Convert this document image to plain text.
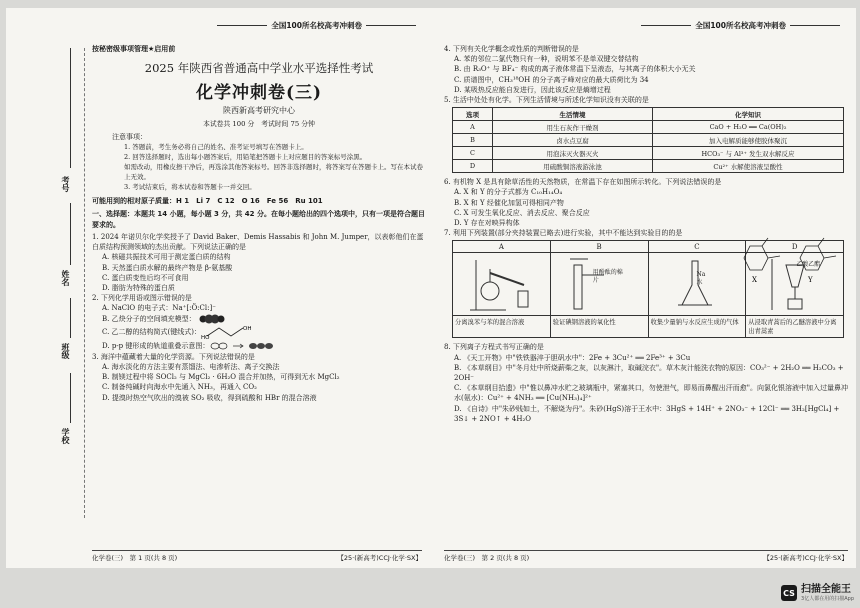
全国100所名校高考冲刺卷
考号
姓名
班级
学校
按秘密级事项管理★启用前
2025 年陕西省普通高中学业水平选择性考试
化学冲刺卷(三)
陕西新高考研究中心
本试卷共 100 分　考试时间 75 分钟
注意事项：
1. 答题前，考生务必将自己的姓名、准考证号填写在答题卡上。
2. 回答选择题时，选出每小题答案后，用铅笔把答题卡上对应题目的答案标号涂黑。
如需改动，用橡皮擦干净后，再选涂其他答案标号。回答非选择题时，将答案写在答题卡上。写在本试卷上无效。
3. 考试结束后，将本试卷和答题卡一并交回。
可能用到的相对原子质量：H 1　Li 7　C 12　O 16　Fe 56　Ru 101
一、选择题：本题共 14 小题，每小题 3 分，共 42 分。在每小题给出的四个选项中，只有一项是符合题目要求的。
1. 2024 年诺贝尔化学奖授予了 David Baker、Demis Hassabis 和 John M. Jumper，以表彰他们在蛋白质结构预测领域的杰出贡献。下列说法正确的是
A. 核磁共振技术可用于测定蛋白质的结构
B. 天然蛋白质水解的最终产物是 β-氨基酸
C. 蛋白质变性后均不可食用
D. 脂肪为特殊的蛋白质
2. 下列化学用语或图示错误的是
A. NaClO 的电子式：Na⁺[:Ö:Cl:]⁻
B. 乙炔分子的空间填充模型：
C. 乙二醇的结构简式(键线式)：
HO
OH
D. p-p 键形成的轨道重叠示意图：
3. 海洋中蕴藏着大量的化学资源。下列说法错误的是
A. 海水淡化的方法主要有蒸馏法、电渗析法、离子交换法
B. 制镁过程中将 SOCl₂ 与 MgCl₂ · 6H₂O 混合并加热，可得到无水 MgCl₂
C. 制备纯碱时向海水中先通入 NH₃，再通入 CO₂
D. 提溴时热空气吹出的溴被 SO₂ 吸收，得到硫酸和 HBr 的混合溶液
化学卷(三)　第 1 页(共 8 页)	【25·(新高考)CCJ·化学·SX】
全国100所名校高考冲刺卷
4. 下列有关化学概念或性质的判断错误的是
A. 苯的邻位二氯代物只有一种，说明苯不是单双键交替结构
B. 由 R₃O⁺ 与 BF₄⁻ 构成的离子液体常温下呈液态，与其离子的体积大小无关
C. 质谱图中，CH₃¹⁸OH 的分子离子峰对应的最大质荷比为 34
D. 某吸热反应能自发进行，因此该反应是熵增过程
5. 生活中处处有化学。下列生活情境与所述化学知识没有关联的是
选项	生活情境	化学知识
A	用生石灰作干燥剂	CaO + H₂O ══ Ca(OH)₂
B	卤水点豆腐	加入电解质能够使胶体聚沉
C	用泡沫灭火器灭火	HCO₃⁻ 与 Al³⁺ 发生双水解反应
D	用硫酸铜溶液游泳池	Cu²⁺ 水解使溶液呈酸性
6. 有机物 X 是具有除草活性的天然物质，在常温下存在如图所示转化。下列说法错误的是
A. X 和 Y 的分子式都为 C₁₀H₁₄O₄
B. X 和 Y 经催化加氢可得相同产物
C. X 可发生氧化反应、消去反应、聚合反应
D. Y 存在对映异构体
7. 利用下列装置(部分夹持装置已略去)进行实验，其中不能达到实验目的的是
A
分离溴苯与苯的混合溶液
B
用酚酞的棉片
验证碘钢溶液的氧化性
C
Na 水
收集少量钠与水反应生成的气体
D
乙酸乙酯
从浸取青蒿后的乙醚溶液中分离出青蒿素
8. 下列离子方程式书写正确的是
A. 《天工开物》中"铁铁器淬于胆矾水中"：2Fe + 3Cu²⁺ ══ 2Fe³⁺ + 3Cu
B. 《本草纲目》中"冬月灶中所烧薪柴之灰，以灰淋汁，取碱浣衣"。草木灰汁能洗衣物的原因：CO₃²⁻ + 2H₂O ══ H₂CO₃ + 2OH⁻
C. 《本草纲目拾遗》中"惟以鼻冲水贮之玻璃瓶中，紧塞其口，勿使泄气，即易而鼻醒出汗而愈"。向氯化银溶液中加入过量鼻冲水(氨水)：Cu²⁺ + 4NH₃ ══ [Cu(NH₃)₄]²⁺
D. 《自诗》中"朱砂贱如土，不解烧为丹"。朱砂(HgS)溶于王水中：3HgS + 14H⁺ + 2NO₃⁻ + 12Cl⁻ ══ 3H₂[HgCl₄] + 3S↓ + 2NO↑ + 4H₂O
X	Y
化学卷(三)　第 2 页(共 8 页)	【25·(新高考)CCJ·化学·SX】
CS 扫描全能王
3亿人都在用的扫描App
